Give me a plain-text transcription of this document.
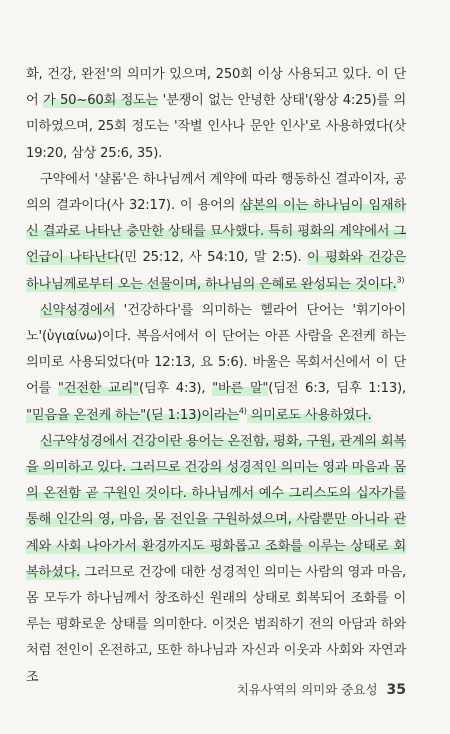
화, 건강, 완전'의 의미가 있으며, 250회 이상 사용되고 있다. 이 단어 가 50~60회 정도는 '분쟁이 없는 안녕한 상태'(왕상 4:25)를 의미하였으며, 25회 정도는 '작별 인사나 문안 인사'로 사용하였다(삿 19:20, 삼상 25:6, 35).

구약에서 '샬롬'은 하나님께서 계약에 따라 행동하신 결과이자, 공의의 결과이다(사 32:17). 이 용어의 샴본의 이는 하나님이 임재하신 결과로 나타난 충만한 상태를 묘사했다. 특히 평화의 계약에서 그 언급이 나타난다(민 25:12, 사 54:10, 말 2:5). 이 평화와 건강은 하나님께로부터 오는 선물이며, 하나님의 은혜로 완성되는 것이다.$^{3)}$

신약성경에서 '건강하다'를 의미하는 헬라어 단어는 '휘기아이노'(ὑγιαίνω)이다. 복음서에서 이 단어는 아픈 사람을 온전케 하는 의미로 사용되었다(마 12:13, 요 5:6). 바울은 목회서신에서 이 단어를 "건전한 교리"(딤후 4:3), "바른 말"(딤전 6:3, 딤후 1:13), "믿음을 온전케 하는"(딛 1:13)이라는$^{4)}$ 의미로도 사용하였다.

신구약성경에서 건강이란 용어는 온전함, 평화, 구원, 관계의 회복을 의미하고 있다. 그러므로 건강의 성경적인 의미는 영과 마음과 몸의 온전함 곧 구원인 것이다. 하나님께서 예수 그리스도의 십자가를 통해 인간의 영, 마음, 몸 전인을 구원하셨으며, 사람뿐만 아니라 관계와 사회 나아가서 환경까지도 평화롭고 조화를 이루는 상태로 회복하셨다. 그러므로 건강에 대한 성경적인 의미는 사람의 영과 마음, 몸 모두가 하나님께서 창조하신 원래의 상태로 회복되어 조화를 이루는 평화로운 상태를 의미한다. 이것은 범죄하기 전의 아담과 하와처럼 전인이 온전하고, 또한 하나님과 자신과 이웃과 사회와 자연과 조

치유사역의 의미와 중요성 35
